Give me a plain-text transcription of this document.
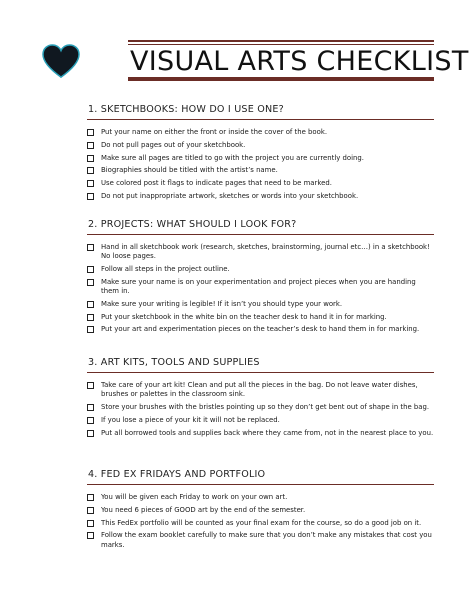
VISUAL ARTS CHECKLIST
1. SKETCHBOOKS: HOW DO I USE ONE?
Put your name on either the front or inside the cover of the book.
Do not pull pages out of your sketchbook.
Make sure all pages are titled to go with the project you are currently doing.
Biographies should be titled with the artist’s name.
Use colored post it flags to indicate pages that need to be marked.
Do not put inappropriate artwork, sketches or words into your sketchbook.
2. PROJECTS: WHAT SHOULD I LOOK FOR?
Hand in all sketchbook work (research, sketches, brainstorming, journal etc…) in a sketchbook! No loose pages.
Follow all steps in the project outline.
Make sure your name is on your experimentation and project pieces when you are handing them in.
Make sure your writing is legible! If it isn’t you should type your work.
Put your sketchbook in the white bin on the teacher desk to hand it in for marking.
Put your art and experimentation pieces on the teacher’s desk to hand them in for marking.
3. ART KITS, TOOLS AND SUPPLIES
Take care of your art kit! Clean and put all the pieces in the bag. Do not leave water dishes, brushes or palettes in the classroom sink.
Store your brushes with the bristles pointing up so they don’t get bent out of shape in the bag.
If you lose a piece of your kit it will not be replaced.
Put all borrowed tools and supplies back where they came from, not in the nearest place to you.
4. FED EX FRIDAYS AND PORTFOLIO
You will be given each Friday to work on your own art.
You need 6 pieces of GOOD art by the end of the semester.
This FedEx portfolio will be counted as your final exam for the course, so do a good job on it.
Follow the exam booklet carefully to make sure that you don’t make any mistakes that cost you marks.
